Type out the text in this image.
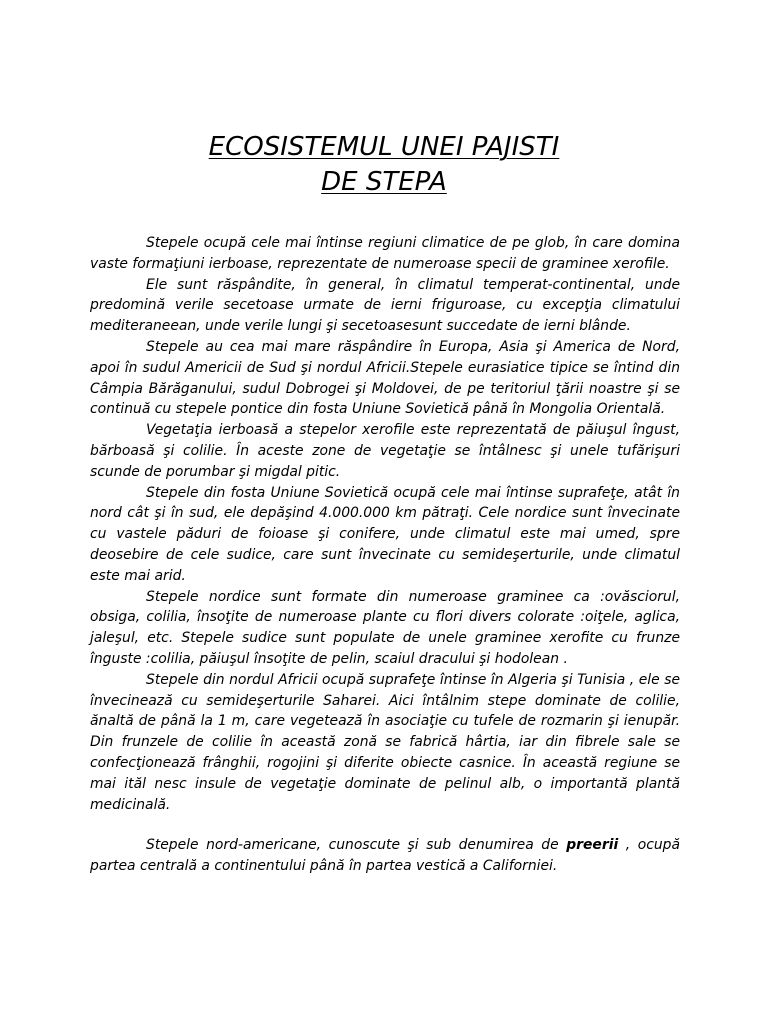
ECOSISTEMUL UNEI PAJISTI
DE STEPA

Stepele ocupă cele mai întinse regiuni climatice de pe glob, în care domina vaste formaţiuni ierboase, reprezentate de numeroase specii de graminee xerofile.

Ele sunt răspândite, în general, în climatul temperat-continental, unde predomină verile secetoase urmate de ierni friguroase, cu excepţia climatului mediteraneean, unde verile lungi şi secetoasesunt succedate de ierni blânde.

Stepele au cea mai mare răspândire în Europa, Asia şi America de Nord, apoi în sudul Americii de Sud şi nordul Africii.Stepele eurasiatice tipice se întind din Câmpia Bărăganului, sudul Dobrogei şi Moldovei, de pe teritoriul ţării noastre şi se continuă cu stepele pontice din fosta Uniune Sovietică până în Mongolia Orientală.

Vegetaţia ierboasă a stepelor xerofile este reprezentată de păiuşul îngust, bărboasă şi colilie. În aceste zone de vegetaţie se întâlnesc şi unele tufărişuri scunde de porumbar şi migdal pitic.

Stepele din fosta Uniune Sovietică ocupă cele mai întinse suprafeţe, atât în nord cât şi în sud, ele depăşind 4.000.000 km pătraţi. Cele nordice sunt învecinate cu vastele păduri de foioase şi conifere, unde climatul este mai umed, spre deosebire de cele sudice, care sunt învecinate cu semideşerturile, unde climatul este mai arid.

Stepele nordice sunt formate din numeroase graminee ca :ovăsciorul, obsiga, colilia, însoţite de numeroase plante cu flori divers colorate :oiţele, aglica, jaleşul, etc. Stepele sudice sunt populate de unele graminee xerofite cu frunze înguste :colilia, păiuşul însoţite de pelin, scaiul dracului şi hodolean .

Stepele din nordul Africii ocupă suprafeţe întinse în Algeria şi Tunisia , ele se învecinează cu semideşerturile Saharei. Aici întâlnim stepe dominate de colilie, ănaltă de până la 1 m, care vegetează în asociaţie cu tufele de rozmarin şi ienupăr. Din frunzele de colilie în această zonă se fabrică hârtia, iar din fibrele sale se confecţionează frânghii, rogojini şi diferite obiecte casnice. În această regiune se mai ităl nesc insule de vegetaţie dominate de pelinul alb, o importantă plantă medicinală.

Stepele nord-americane, cunoscute şi sub denumirea de preerii , ocupă partea centrală a continentului până în partea vestică a Californiei.
